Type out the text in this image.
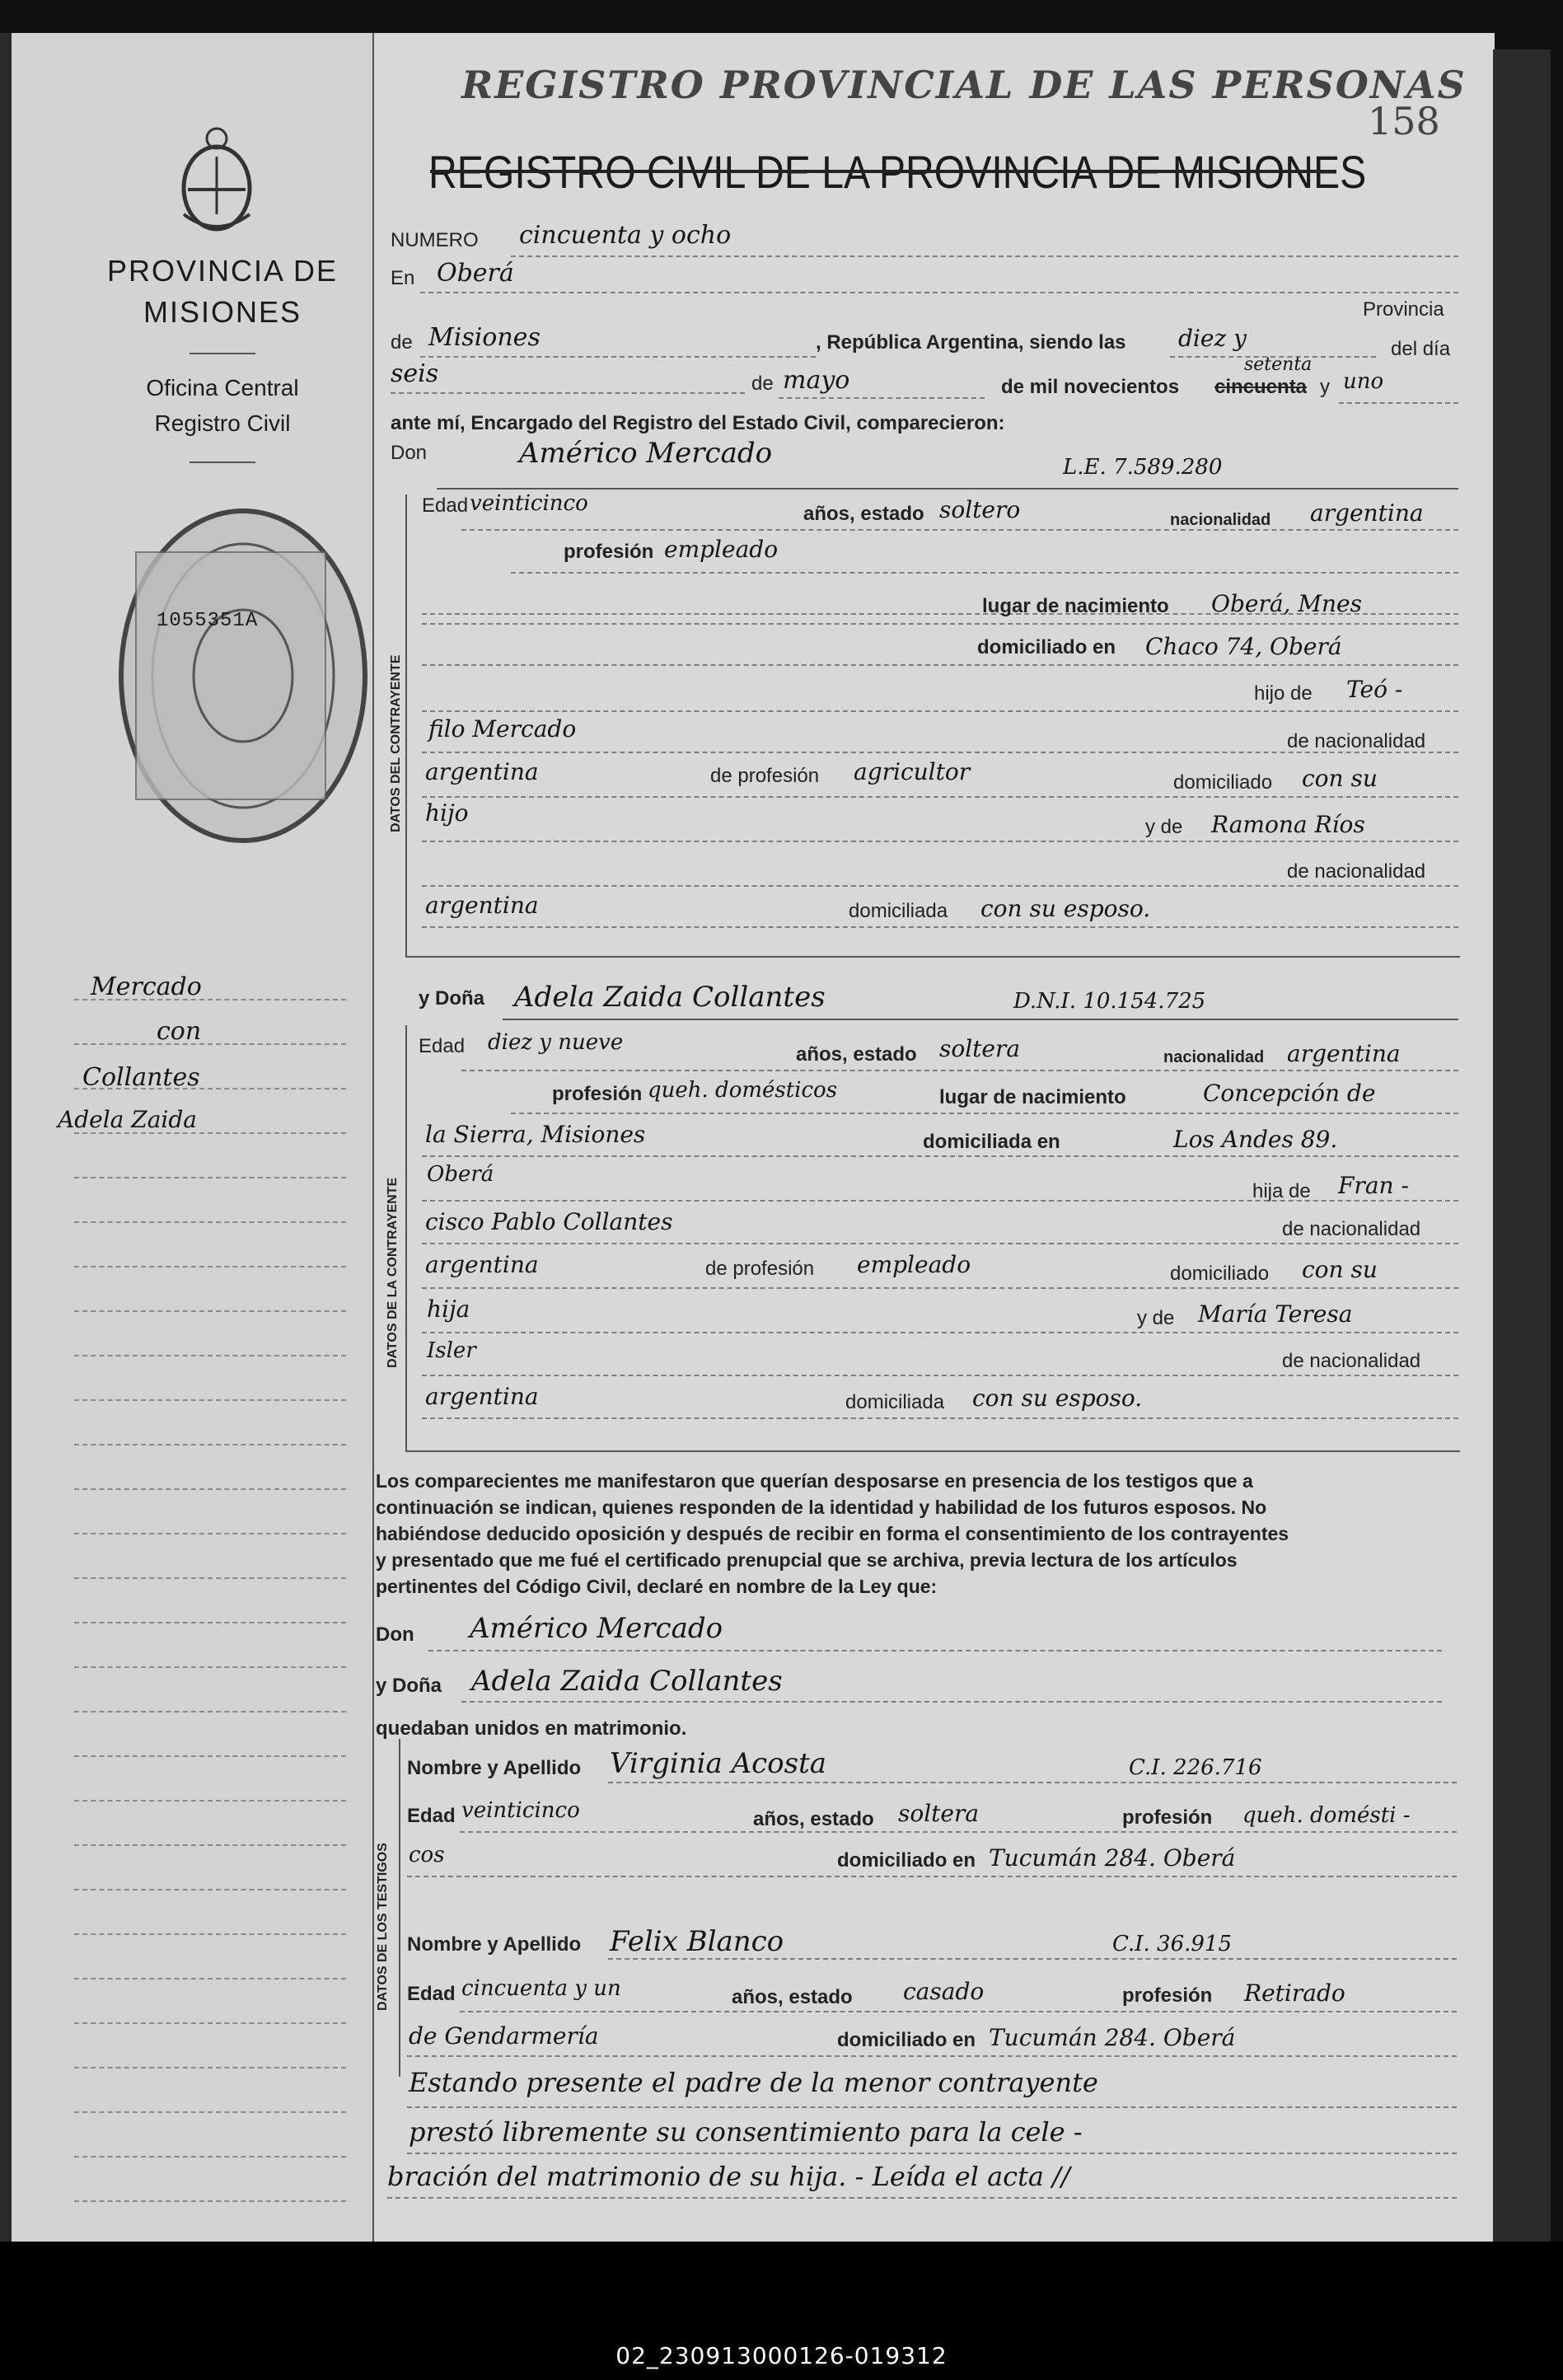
02_230913000126-019312
PROVINCIA DE
MISIONES
Oficina Central
Registro Civil
1055351A
Mercado
con
Collantes
Adela Zaida
REGISTRO PROVINCIAL DE LAS PERSONAS
158
REGISTRO CIVIL DE LA PROVINCIA DE MISIONES
NUMERO cincuenta y ocho
En Oberá
Provincia
de Misiones	, República Argentina, siendo las diez y	del día
seis	de mayo	de mil novecientos
setenta
cincuenta y uno
ante mí, Encargado del Registro del Estado Civil, comparecieron:
Don	Américo Mercado	L.E. 7.589.280
DATOS DEL CONTRAYENTE
Edad veinticinco	años, estado soltero	nacionalidad argentina
profesión empleado
lugar de nacimiento Oberá, Mnes
domiciliado en Chaco 74, Oberá
hijo de Teó -
filo Mercado	de nacionalidad
argentina	de profesión agricultor	domiciliado con su
hijo
y de Ramona Ríos
de nacionalidad
argentina	domiciliada con su esposo.
y Doña Adela Zaida Collantes	D.N.I. 10.154.725
DATOS DE LA CONTRAYENTE
Edad diez y nueve	años, estado soltera	nacionalidad argentina
profesión queh. domésticos	lugar de nacimiento	Concepción de
la Sierra, Misiones	domiciliada en	Los Andes 89.
Oberá
hija de Fran -
cisco Pablo Collantes	de nacionalidad
argentina	de profesión empleado	domiciliado con su
hija	y de María Teresa
Isler	de nacionalidad
argentina	domiciliada con su esposo.
Los comparecientes me manifestaron que querían desposarse en presencia de los testigos que a
continuación se indican, quienes responden de la identidad y habilidad de los futuros esposos. No
habiéndose deducido oposición y después de recibir en forma el consentimiento de los contrayentes
y presentado que me fué el certificado prenupcial que se archiva, previa lectura de los artículos
pertinentes del Código Civil, declaré en nombre de la Ley que:
Don Américo Mercado
y Doña Adela Zaida Collantes
quedaban unidos en matrimonio.
DATOS DE LOS TESTIGOS
Nombre y Apellido Virginia Acosta	C.I. 226.716
Edad veinticinco	años, estado soltera	profesión queh. domésti -
cos	domiciliado en Tucumán 284. Oberá
Nombre y Apellido Felix Blanco	C.I. 36.915
Edad cincuenta y un	años, estado casado	profesión Retirado
de Gendarmería	domiciliado en Tucumán 284. Oberá
Estando presente el padre de la menor contrayente
prestó libremente su consentimiento para la cele -
bración del matrimonio de su hija. - Leída el acta //
